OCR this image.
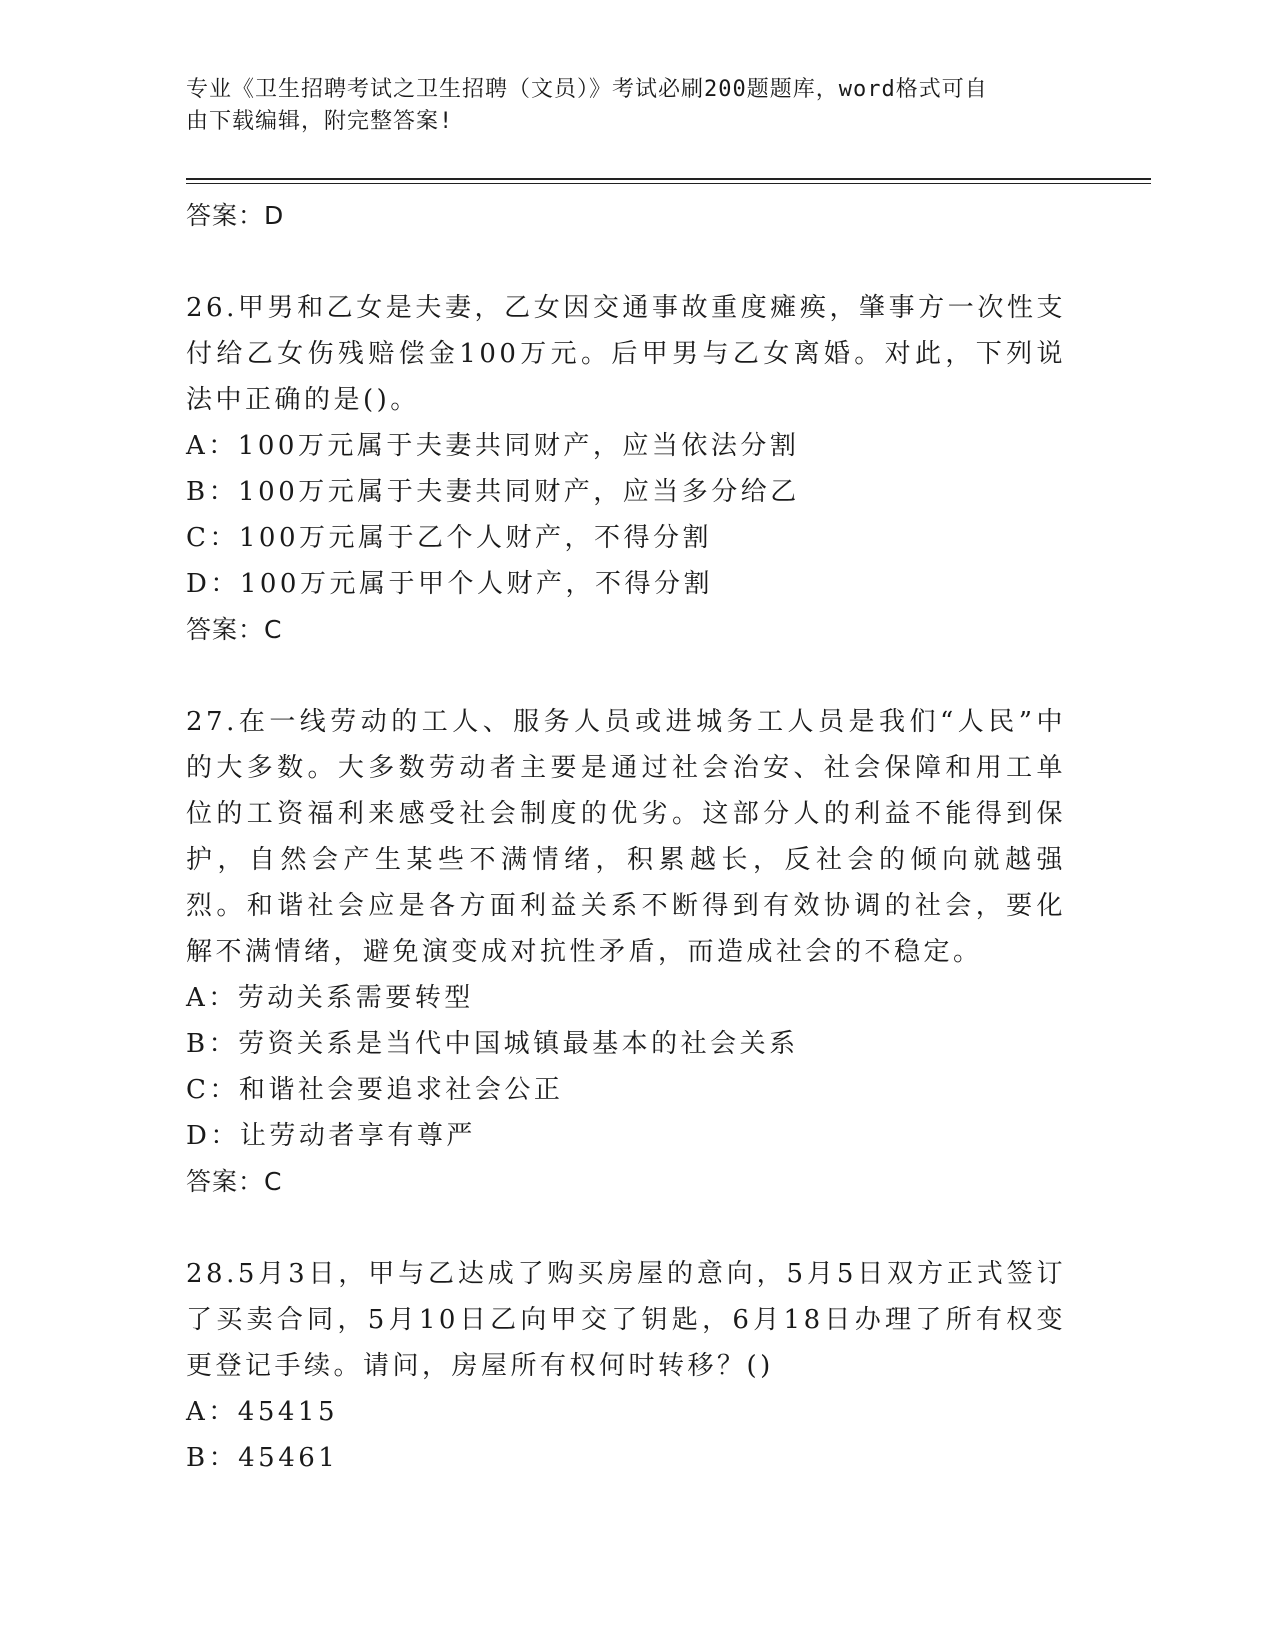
专业《卫生招聘考试之卫生招聘（文员）》考试必刷200题题库，word格式可自
由下载编辑，附完整答案!
答案：D
26.甲男和乙女是夫妻，乙女因交通事故重度瘫痪，肇事方一次性支付给乙女伤残赔偿金100万元。后甲男与乙女离婚。对此，下列说法中正确的是()。
A：100万元属于夫妻共同财产，应当依法分割
B：100万元属于夫妻共同财产，应当多分给乙
C：100万元属于乙个人财产，不得分割
D：100万元属于甲个人财产，不得分割
答案：C
27.在一线劳动的工人、服务人员或进城务工人员是我们“人民”中的大多数。大多数劳动者主要是通过社会治安、社会保障和用工单位的工资福利来感受社会制度的优劣。这部分人的利益不能得到保护，自然会产生某些不满情绪，积累越长，反社会的倾向就越强烈。和谐社会应是各方面利益关系不断得到有效协调的社会，要化解不满情绪，避免演变成对抗性矛盾，而造成社会的不稳定。
A：劳动关系需要转型
B：劳资关系是当代中国城镇最基本的社会关系
C：和谐社会要追求社会公正
D：让劳动者享有尊严
答案：C
28.5月3日，甲与乙达成了购买房屋的意向，5月5日双方正式签订了买卖合同，5月10日乙向甲交了钥匙，6月18日办理了所有权变更登记手续。请问，房屋所有权何时转移？()
A：45415
B：45461
